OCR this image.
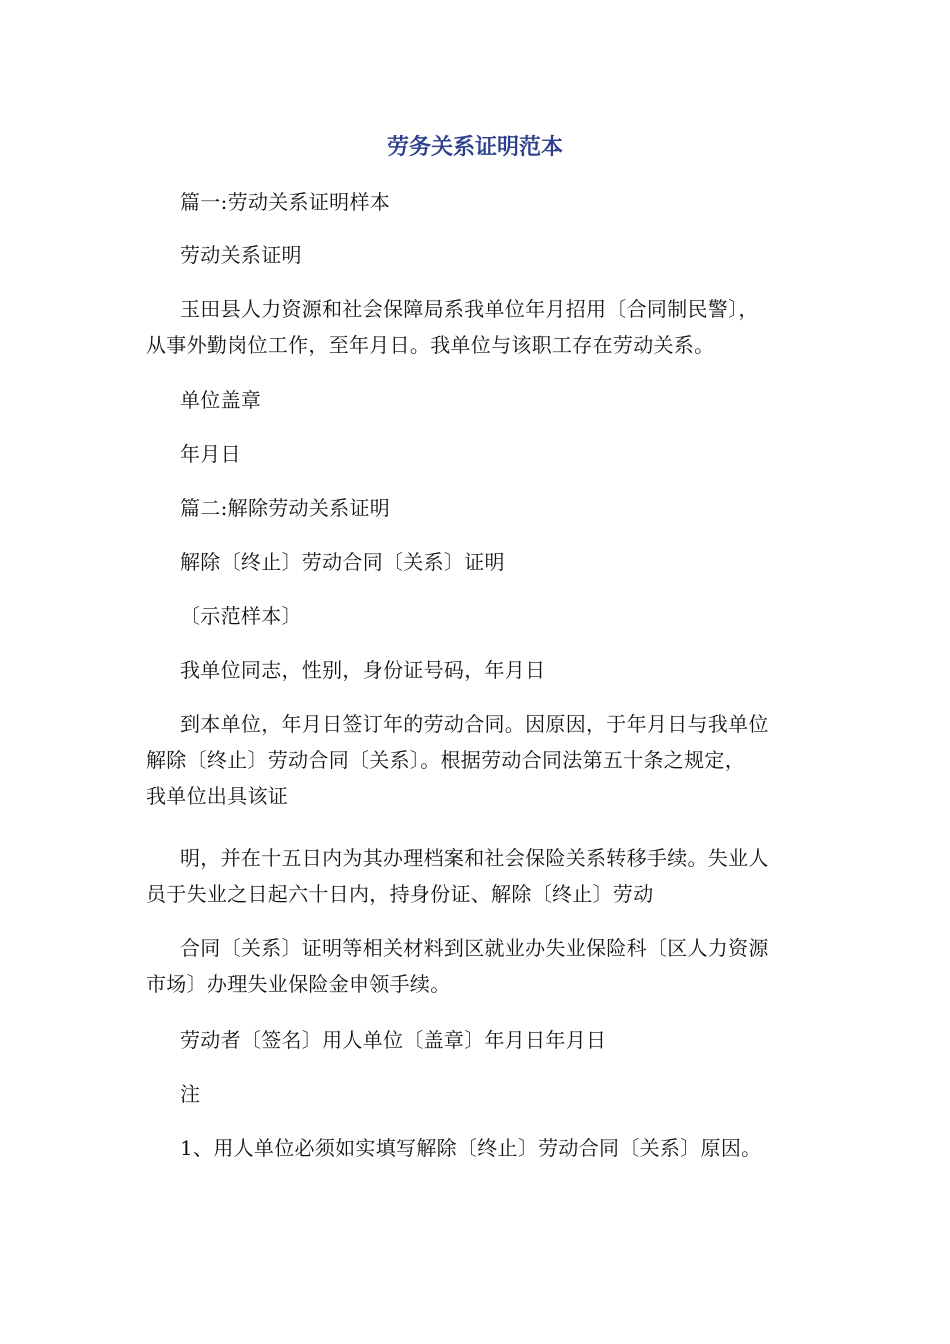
劳务关系证明范本
篇一:劳动关系证明样本
劳动关系证明
玉田县人力资源和社会保障局系我单位年月招用〔合同制民警〕，
从事外勤岗位工作，至年月日。我单位与该职工存在劳动关系。
单位盖章
年月日
篇二:解除劳动关系证明
解除〔终止〕劳动合同〔关系〕证明
〔示范样本〕
我单位同志，性别，身份证号码，年月日
到本单位，年月日签订年的劳动合同。因原因，于年月日与我单位
解除〔终止〕劳动合同〔关系〕。根据劳动合同法第五十条之规定，
我单位出具该证
明，并在十五日内为其办理档案和社会保险关系转移手续。失业人
员于失业之日起六十日内，持身份证、解除〔终止〕劳动
合同〔关系〕证明等相关材料到区就业办失业保险科〔区人力资源
市场〕办理失业保险金申领手续。
劳动者〔签名〕用人单位〔盖章〕年月日年月日
注
1、用人单位必须如实填写解除〔终止〕劳动合同〔关系〕原因。
